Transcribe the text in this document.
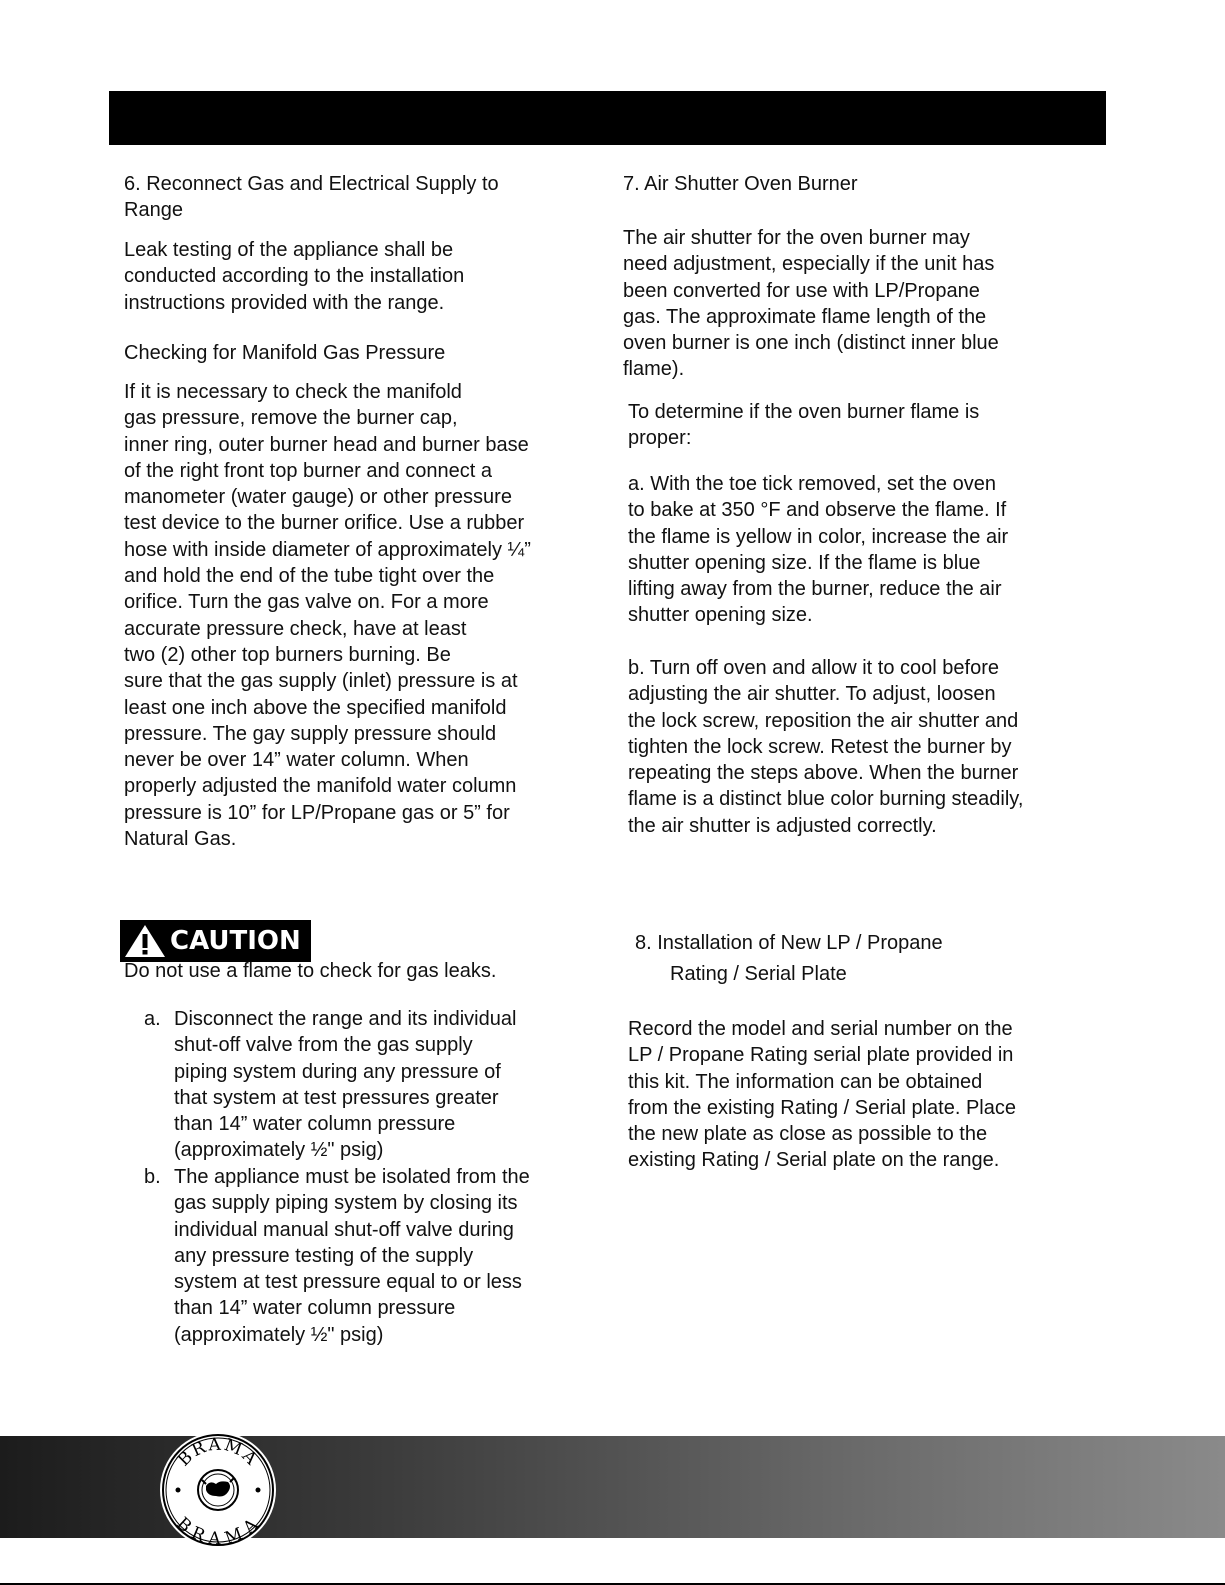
6. Reconnect Gas and Electrical Supply to

Range

Leak testing of the appliance shall be

conducted according to the installation

instructions provided with the range.

Checking for Manifold Gas Pressure

If it is necessary to check the manifold

gas pressure, remove the burner cap,

inner ring, outer burner head and burner base

of the right front top burner and connect a

manometer (water gauge) or other pressure

test device to the burner orifice. Use a rubber

hose with inside diameter of approximately ¼”

and hold the end of the tube tight over the

orifice. Turn the gas valve on. For a more

accurate pressure check, have at least

two (2) other top burners burning. Be

sure that the gas supply (inlet) pressure is at

least one inch above the specified manifold

pressure. The gay supply pressure should

never be over 14” water column. When

properly adjusted the manifold water column

pressure is 10” for LP/Propane gas or 5” for

Natural Gas.

CAUTION

Do not use a flame to check for gas leaks.

a. Disconnect the range and its individual

shut-off valve from the gas supply

piping system during any pressure of

that system at test pressures greater

than 14” water column pressure

(approximately ½" psig)

b. The appliance must be isolated from the

gas supply piping system by closing its

individual manual shut-off valve during

any pressure testing of the supply

system at test pressure equal to or less

than 14” water column pressure

(approximately ½" psig)

7. Air Shutter Oven Burner

The air shutter for the oven burner may

need adjustment, especially if the unit has

been converted for use with LP/Propane

gas. The approximate flame length of the

oven burner is one inch (distinct inner blue

flame).

To determine if the oven burner flame is

proper:

a. With the toe tick removed, set the oven

to bake at 350 °F and observe the flame. If

the flame is yellow in color, increase the air

shutter opening size. If the flame is blue

lifting away from the burner, reduce the air

shutter opening size.

b. Turn off oven and allow it to cool before

adjusting the air shutter. To adjust, loosen

the lock screw, reposition the air shutter and

tighten the lock screw. Retest the burner by

repeating the steps above. When the burner

flame is a distinct blue color burning steadily,

the air shutter is adjusted correctly.

8. Installation of New LP / Propane

Rating / Serial Plate

Record the model and serial number on the

LP / Propane Rating serial plate provided in

this kit. The information can be obtained

from the existing Rating / Serial plate. Place

the new plate as close as possible to the

existing Rating / Serial plate on the range.

BRAMA
BRAMA
